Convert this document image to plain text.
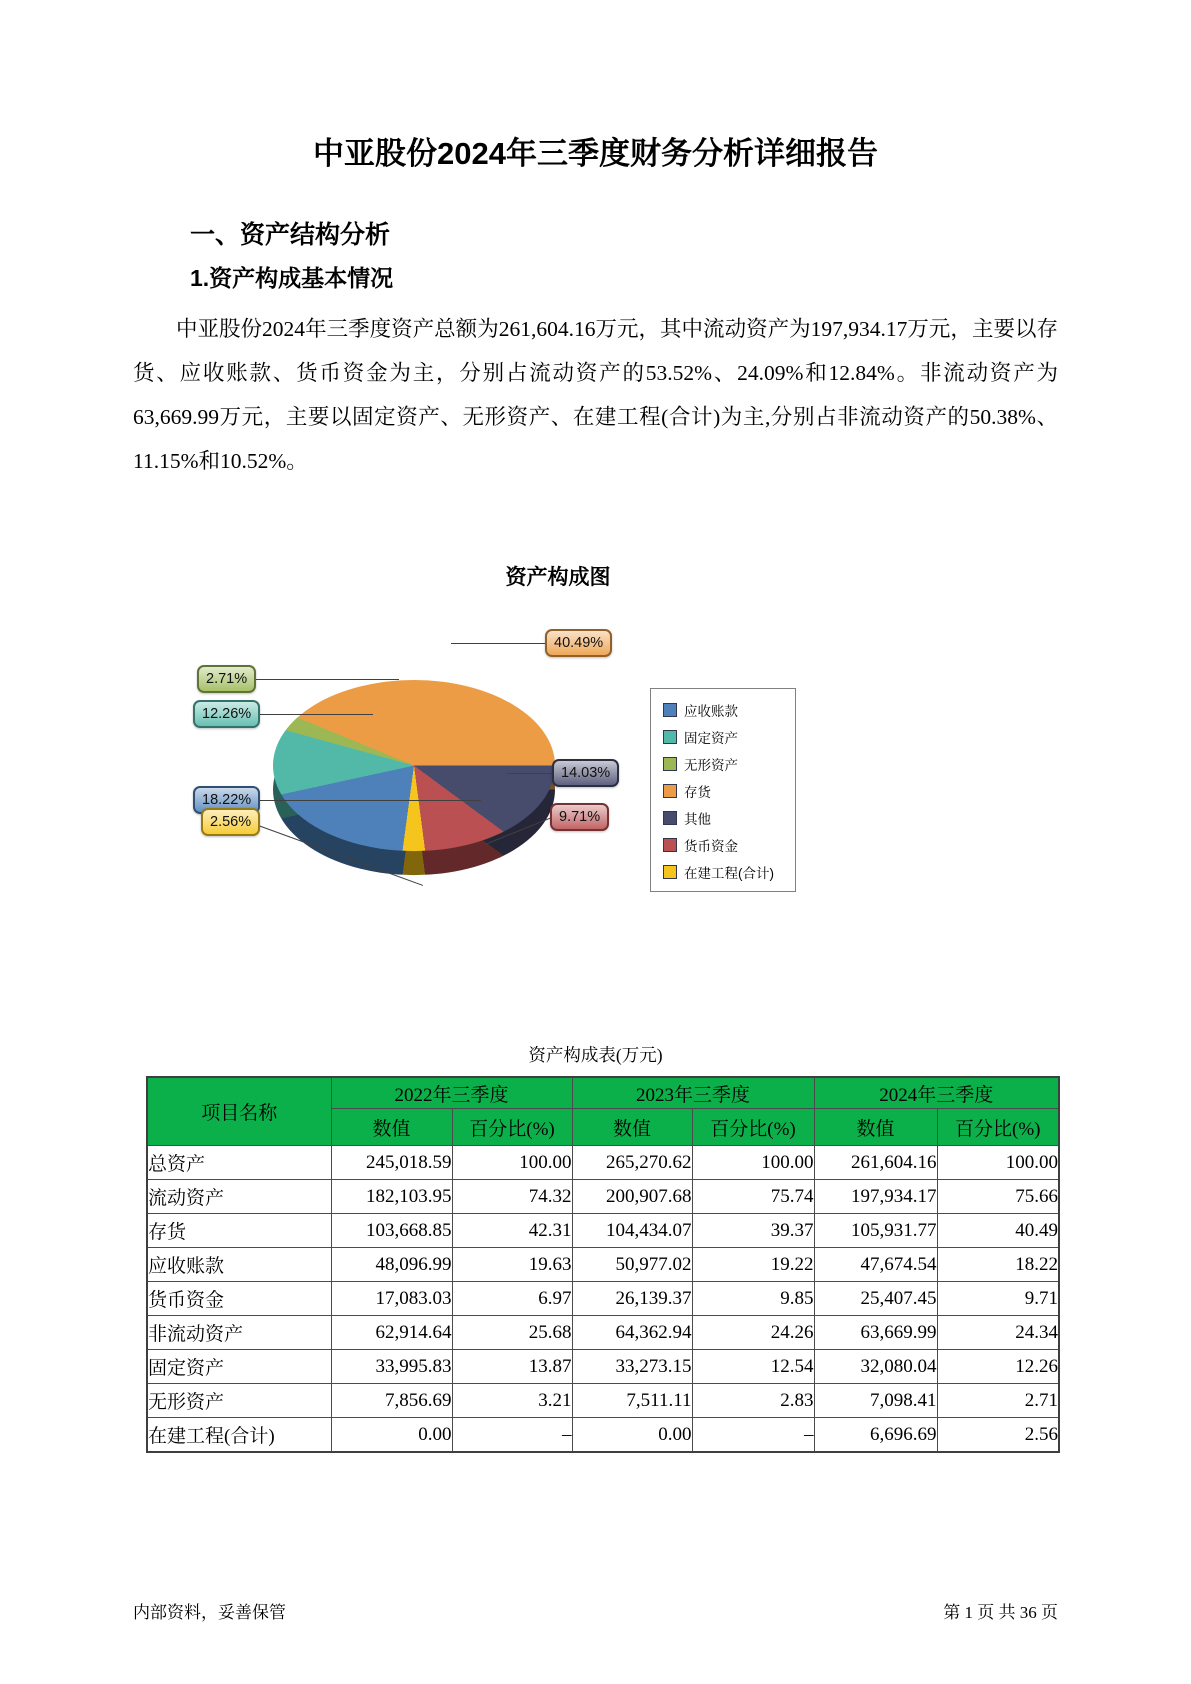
中亚股份2024年三季度财务分析详细报告
一、资产结构分析
1.资产构成基本情况
中亚股份2024年三季度资产总额为261,604.16万元，其中流动资产为197,934.17万元，主要以存货、应收账款、货币资金为主，分别占流动资产的53.52%、24.09%和12.84%。非流动资产为63,669.99万元，主要以固定资产、无形资产、在建工程(合计)为主,分别占非流动资产的50.38%、11.15%和10.52%。
资产构成图
40.49%
2.71%
12.26%
18.22%
2.56%
14.03%
9.71%
应收账款
固定资产
无形资产
存货
其他
货币资金
在建工程(合计)
资产构成表(万元)
项目名称	2022年三季度		2023年三季度		2024年三季度	
	数值	百分比(%)	数值	百分比(%)	数值	百分比(%)
总资产	245,018.59	100.00	265,270.62	100.00	261,604.16	100.00
流动资产	182,103.95	74.32	200,907.68	75.74	197,934.17	75.66
存货	103,668.85	42.31	104,434.07	39.37	105,931.77	40.49
应收账款	48,096.99	19.63	50,977.02	19.22	47,674.54	18.22
货币资金	17,083.03	6.97	26,139.37	9.85	25,407.45	9.71
非流动资产	62,914.64	25.68	64,362.94	24.26	63,669.99	24.34
固定资产	33,995.83	13.87	33,273.15	12.54	32,080.04	12.26
无形资产	7,856.69	3.21	7,511.11	2.83	7,098.41	2.71
在建工程(合计)	0.00	–	0.00	–	6,696.69	2.56
内部资料，妥善保管	第 1 页 共 36 页
